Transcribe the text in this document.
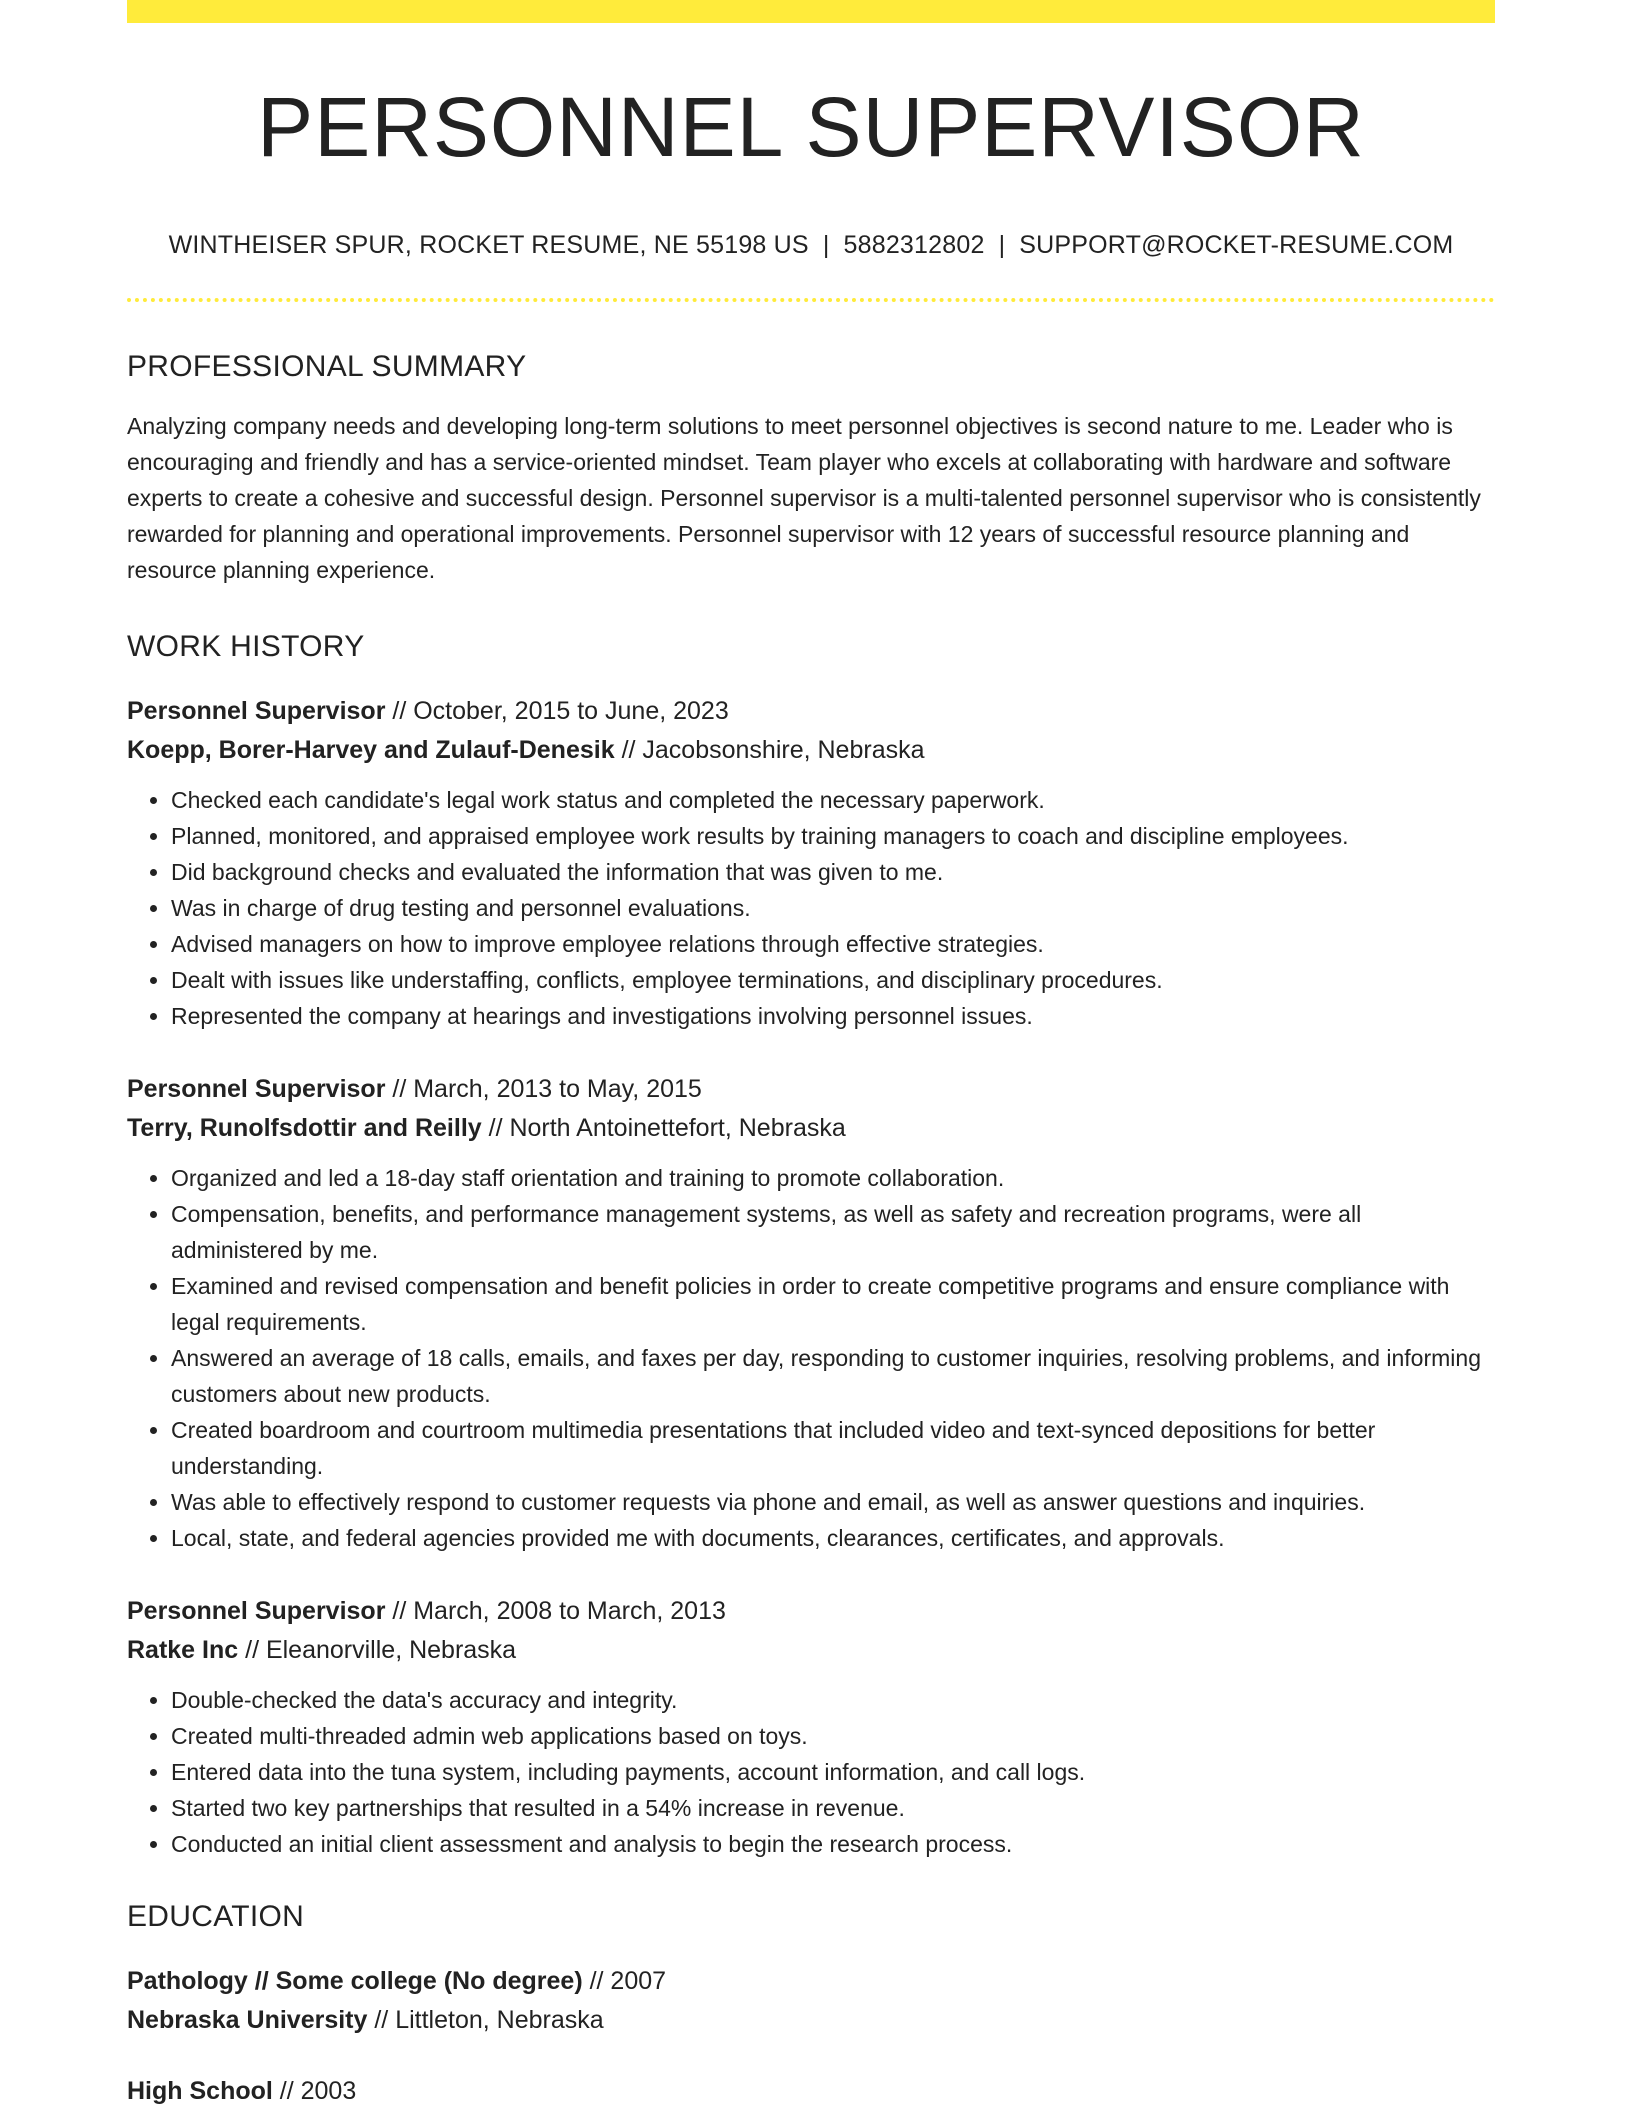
PERSONNEL SUPERVISOR
WINTHEISER SPUR, ROCKET RESUME, NE 55198 US | 5882312802 | SUPPORT@ROCKET-RESUME.COM
PROFESSIONAL SUMMARY

Analyzing company needs and developing long-term solutions to meet personnel objectives is second nature to me. Leader who is encouraging and friendly and has a service-oriented mindset. Team player who excels at collaborating with hardware and software experts to create a cohesive and successful design. Personnel supervisor is a multi-talented personnel supervisor who is consistently rewarded for planning and operational improvements. Personnel supervisor with 12 years of successful resource planning and resource planning experience.

WORK HISTORY
Personnel Supervisor // October, 2015 to June, 2023
Koepp, Borer-Harvey and Zulauf-Denesik // Jacobsonshire, Nebraska
• Checked each candidate's legal work status and completed the necessary paperwork.
• Planned, monitored, and appraised employee work results by training managers to coach and discipline employees.
• Did background checks and evaluated the information that was given to me.
• Was in charge of drug testing and personnel evaluations.
• Advised managers on how to improve employee relations through effective strategies.
• Dealt with issues like understaffing, conflicts, employee terminations, and disciplinary procedures.
• Represented the company at hearings and investigations involving personnel issues.
Personnel Supervisor // March, 2013 to May, 2015
Terry, Runolfsdottir and Reilly // North Antoinettefort, Nebraska
• Organized and led a 18-day staff orientation and training to promote collaboration.
• Compensation, benefits, and performance management systems, as well as safety and recreation programs, were all administered by me.
• Examined and revised compensation and benefit policies in order to create competitive programs and ensure compliance with legal requirements.
• Answered an average of 18 calls, emails, and faxes per day, responding to customer inquiries, resolving problems, and informing customers about new products.
• Created boardroom and courtroom multimedia presentations that included video and text-synced depositions for better understanding.
• Was able to effectively respond to customer requests via phone and email, as well as answer questions and inquiries.
• Local, state, and federal agencies provided me with documents, clearances, certificates, and approvals.
Personnel Supervisor // March, 2008 to March, 2013
Ratke Inc // Eleanorville, Nebraska
• Double-checked the data's accuracy and integrity.
• Created multi-threaded admin web applications based on toys.
• Entered data into the tuna system, including payments, account information, and call logs.
• Started two key partnerships that resulted in a 54% increase in revenue.
• Conducted an initial client assessment and analysis to begin the research process.
EDUCATION
Pathology // Some college (No degree) // 2007
Nebraska University // Littleton, Nebraska
High School // 2003
